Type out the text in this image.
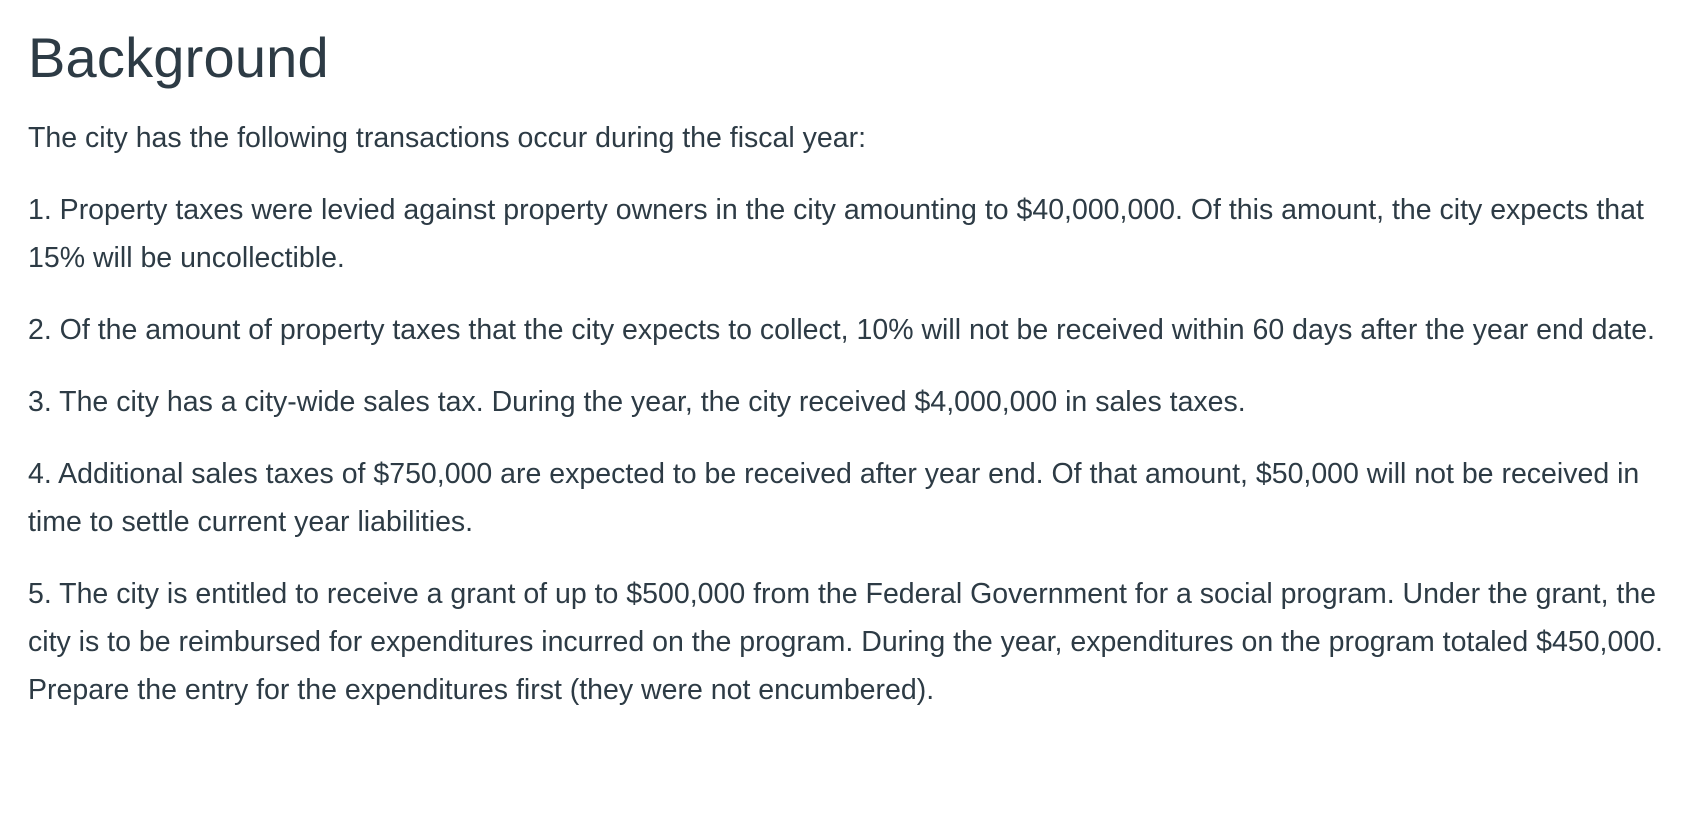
Background

The city has the following transactions occur during the fiscal year:

1. Property taxes were levied against property owners in the city amounting to $40,000,000. Of this amount, the city expects that 15% will be uncollectible.

2. Of the amount of property taxes that the city expects to collect, 10% will not be received within 60 days after the year end date.

3. The city has a city-wide sales tax. During the year, the city received $4,000,000 in sales taxes.

4. Additional sales taxes of $750,000 are expected to be received after year end. Of that amount, $50,000 will not be received in time to settle current year liabilities.

5. The city is entitled to receive a grant of up to $500,000 from the Federal Government for a social program. Under the grant, the city is to be reimbursed for expenditures incurred on the program. During the year, expenditures on the program totaled $450,000. Prepare the entry for the expenditures first (they were not encumbered).
